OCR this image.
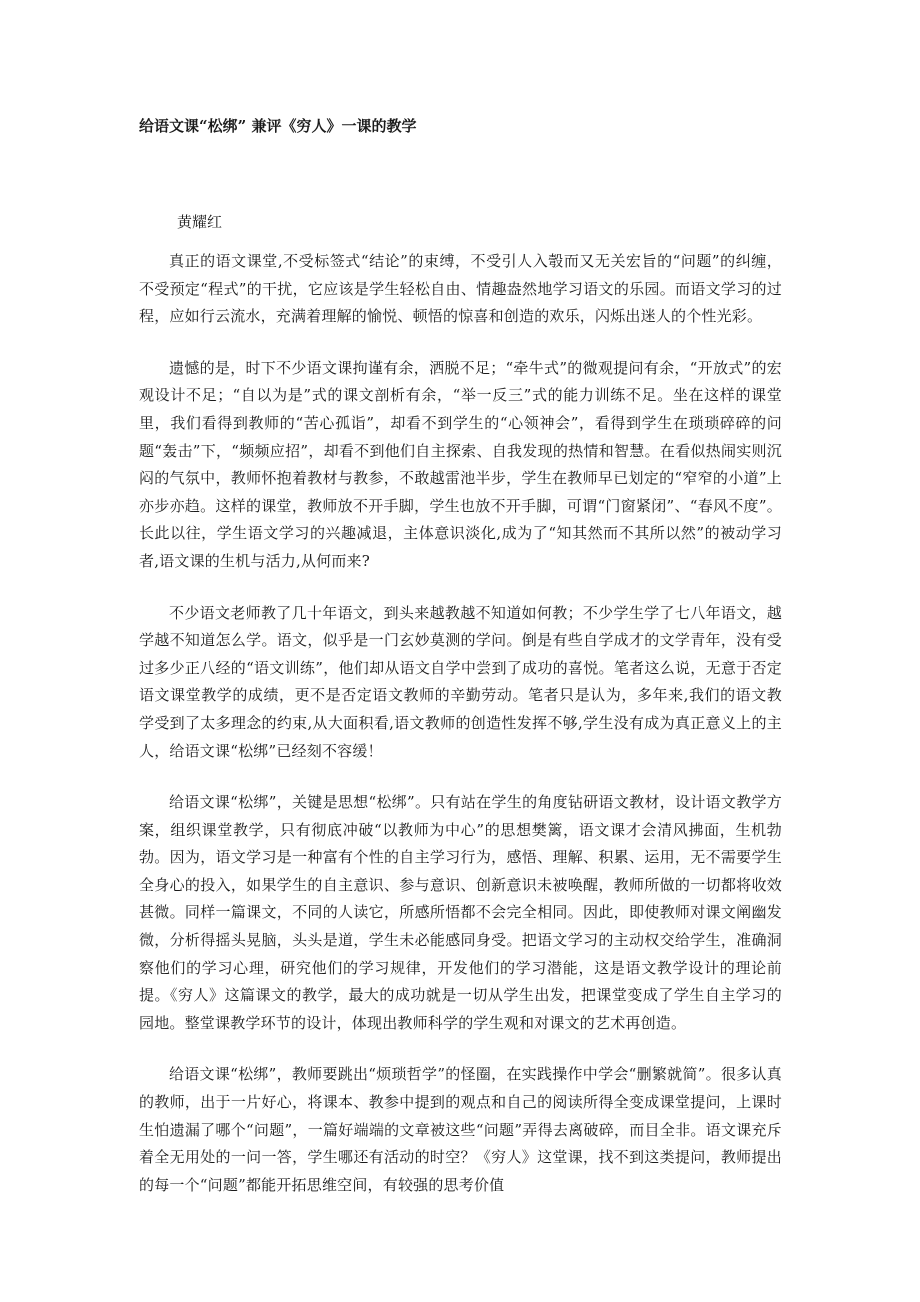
给语文课“松绑” 兼评《穷人》一课的教学

黄耀红

真正的语文课堂,不受标签式“结论”的束缚，不受引人入彀而又无关宏旨的“问题”的纠缠，不受预定“程式”的干扰，它应该是学生轻松自由、情趣盎然地学习语文的乐园。而语文学习的过程，应如行云流水，充满着理解的愉悦、顿悟的惊喜和创造的欢乐，闪烁出迷人的个性光彩。

遗憾的是，时下不少语文课拘谨有余，洒脱不足；“牵牛式”的微观提问有余，“开放式”的宏观设计不足；“自以为是”式的课文剖析有余，“举一反三”式的能力训练不足。坐在这样的课堂里，我们看得到教师的“苦心孤诣”，却看不到学生的“心领神会”，看得到学生在琐琐碎碎的问题“轰击”下，“频频应招”，却看不到他们自主探索、自我发现的热情和智慧。在看似热闹实则沉闷的气氛中，教师怀抱着教材与教参，不敢越雷池半步，学生在教师早已划定的“窄窄的小道”上亦步亦趋。这样的课堂，教师放不开手脚，学生也放不开手脚，可谓“门窗紧闭”、“春风不度”。长此以往，学生语文学习的兴趣减退，主体意识淡化,成为了“知其然而不其所以然”的被动学习者,语文课的生机与活力,从何而来?

不少语文老师教了几十年语文，到头来越教越不知道如何教；不少学生学了七八年语文，越学越不知道怎么学。语文，似乎是一门玄妙莫测的学问。倒是有些自学成才的文学青年，没有受过多少正八经的“语文训练”，他们却从语文自学中尝到了成功的喜悦。笔者这么说，无意于否定语文课堂教学的成绩，更不是否定语文教师的辛勤劳动。笔者只是认为，多年来,我们的语文教学受到了太多理念的约束,从大面积看,语文教师的创造性发挥不够,学生没有成为真正意义上的主人，给语文课“松绑”已经刻不容缓！

给语文课“松绑”，关键是思想“松绑”。只有站在学生的角度钻研语文教材，设计语文教学方案，组织课堂教学，只有彻底冲破“以教师为中心”的思想樊篱，语文课才会清风拂面，生机勃勃。因为，语文学习是一种富有个性的自主学习行为，感悟、理解、积累、运用，无不需要学生全身心的投入，如果学生的自主意识、参与意识、创新意识未被唤醒，教师所做的一切都将收效甚微。同样一篇课文，不同的人读它，所感所悟都不会完全相同。因此，即使教师对课文阐幽发微，分析得摇头晃脑，头头是道，学生未必能感同身受。把语文学习的主动权交给学生，准确洞察他们的学习心理，研究他们的学习规律，开发他们的学习潜能，这是语文教学设计的理论前提。《穷人》这篇课文的教学，最大的成功就是一切从学生出发，把课堂变成了学生自主学习的园地。整堂课教学环节的设计，体现出教师科学的学生观和对课文的艺术再创造。

给语文课“松绑”，教师要跳出“烦琐哲学”的怪圈，在实践操作中学会“删繁就简”。很多认真的教师，出于一片好心，将课本、教参中提到的观点和自己的阅读所得全变成课堂提问，上课时生怕遗漏了哪个“问题”，一篇好端端的文章被这些“问题”弄得去离破碎，而目全非。语文课充斥着全无用处的一问一答，学生哪还有活动的时空？《穷人》这堂课，找不到这类提问，教师提出的每一个“问题”都能开拓思维空间，有较强的思考价值
